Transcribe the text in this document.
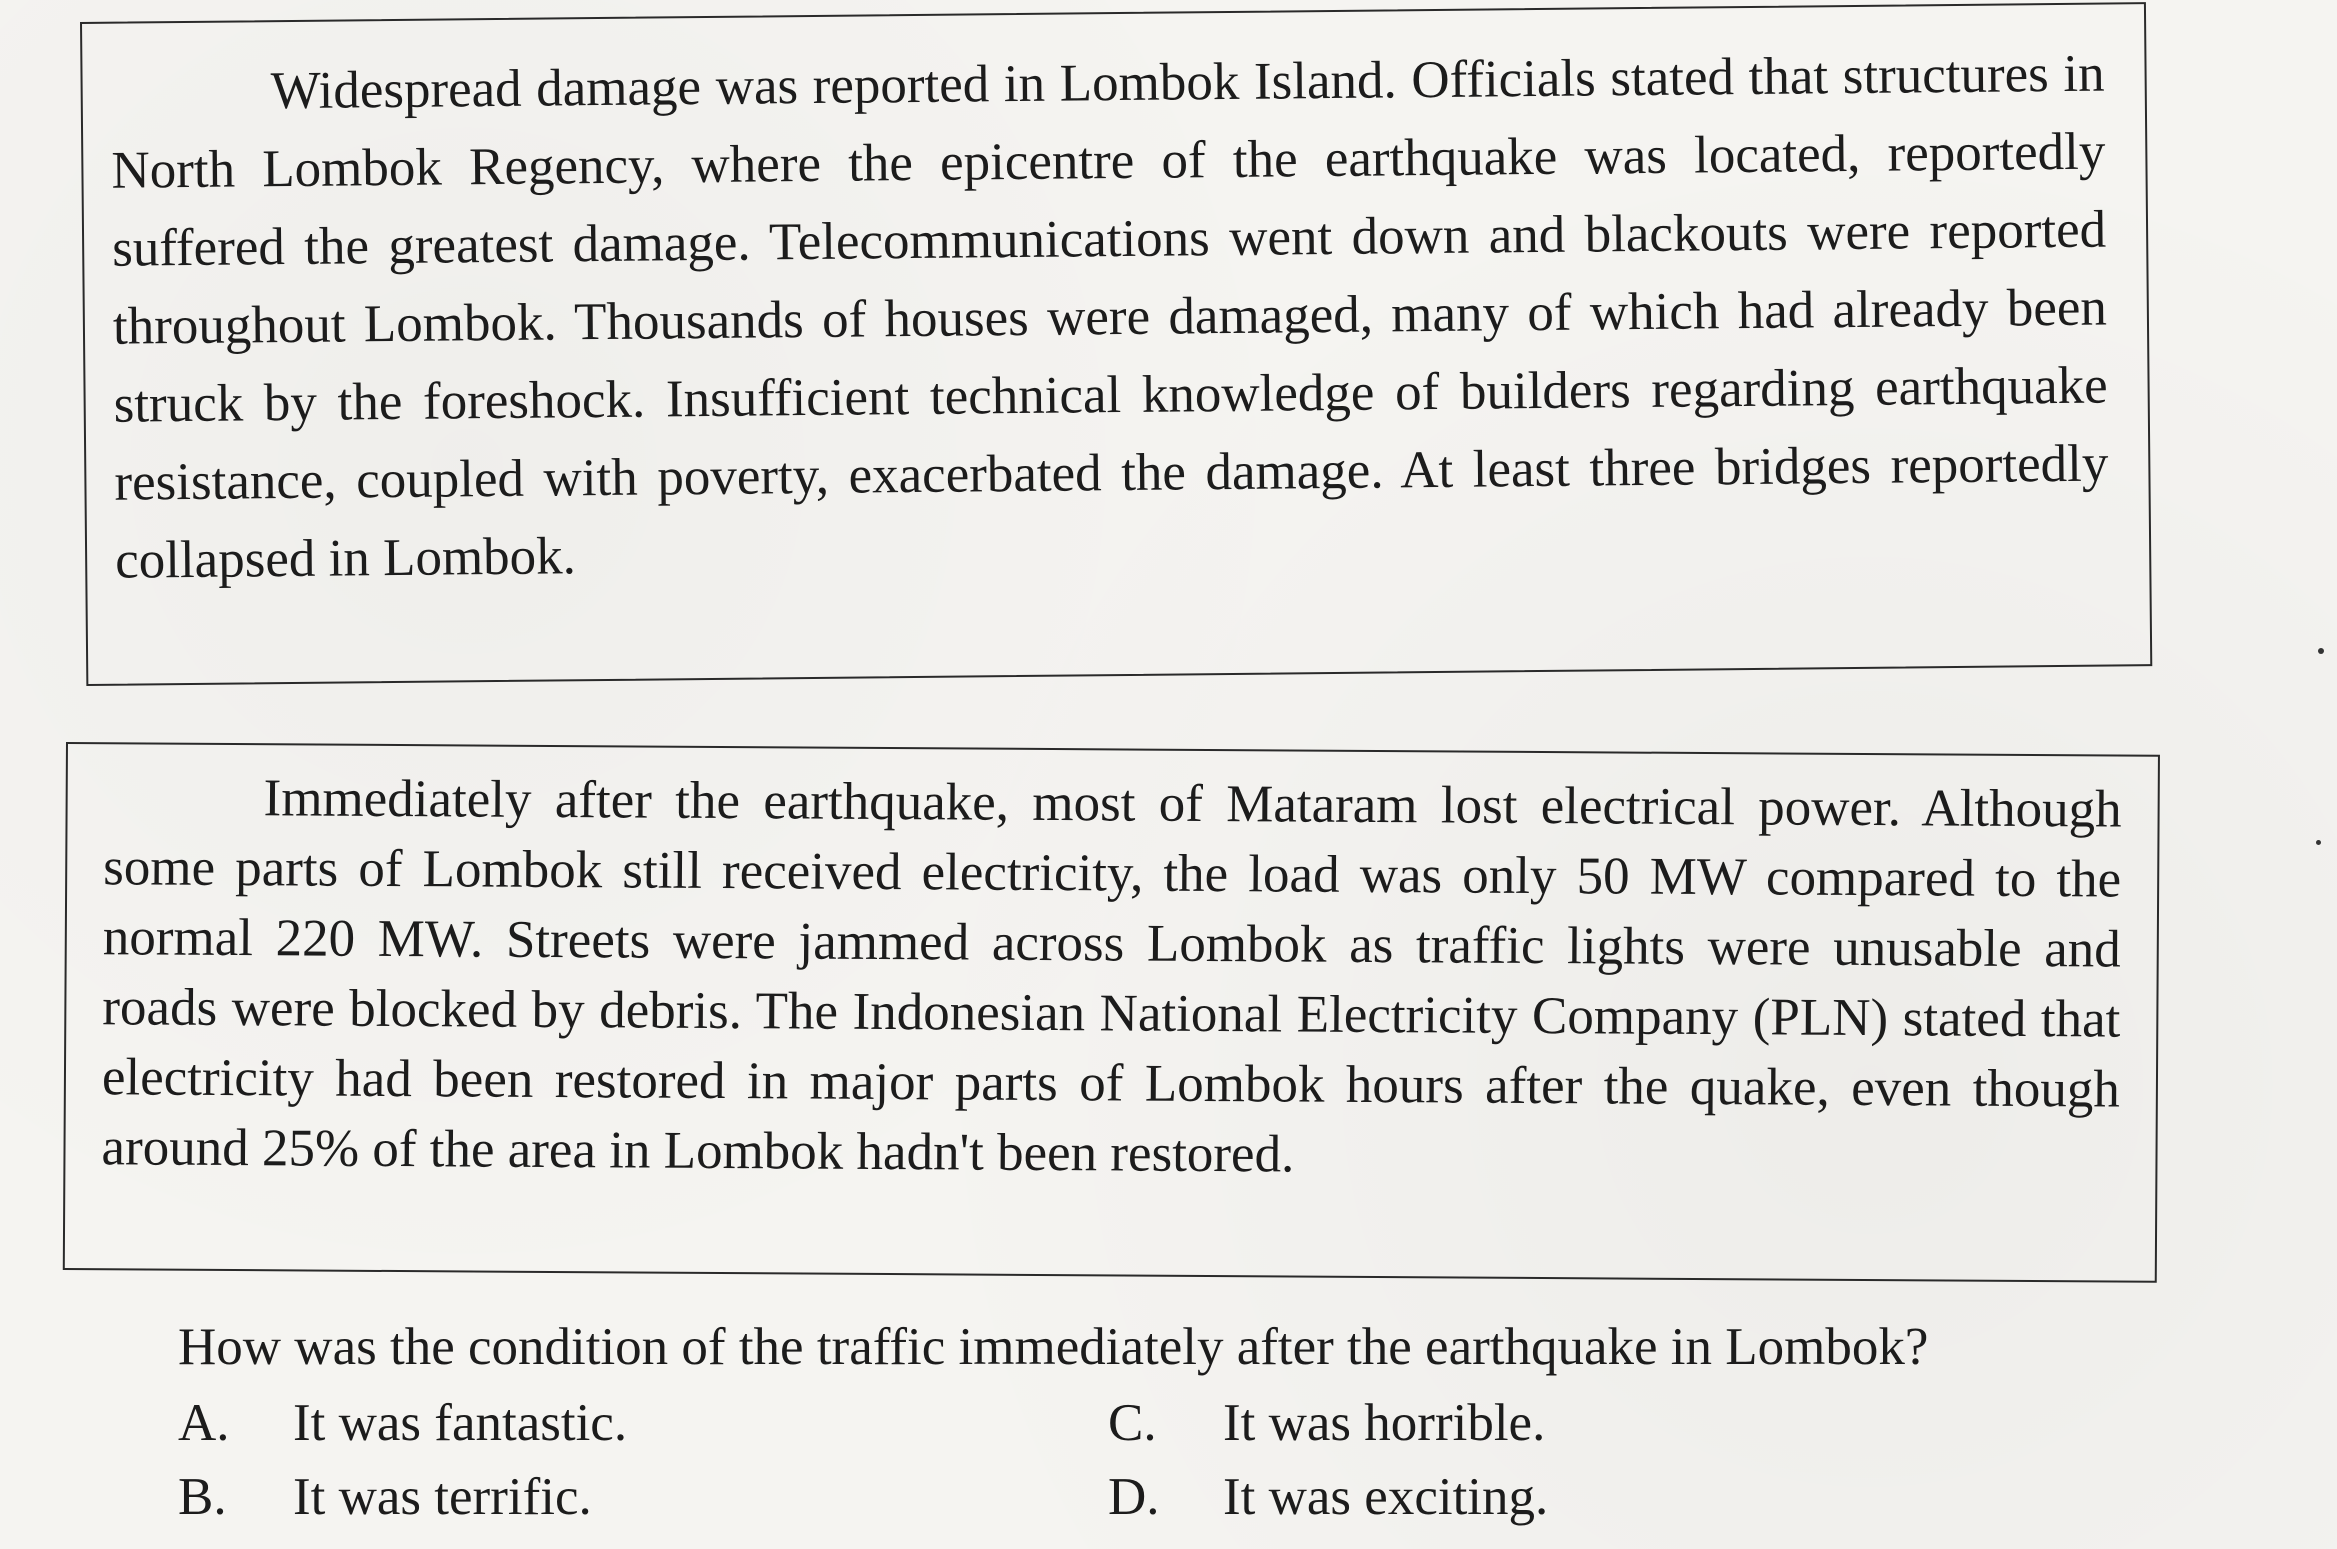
Widespread damage was reported in Lombok Island. Officials stated that structures in North Lombok Regency, where the epicentre of the earthquake was located, reportedly suffered the greatest damage. Telecommunications went down and blackouts were reported throughout Lombok. Thousands of houses were damaged, many of which had already been struck by the foreshock. Insufficient technical knowledge of builders regarding earthquake resistance, coupled with poverty, exacerbated the damage. At least three bridges reportedly collapsed in Lombok.

Immediately after the earthquake, most of Mataram lost electrical power. Although some parts of Lombok still received electricity, the load was only 50 MW compared to the normal 220 MW. Streets were jammed across Lombok as traffic lights were unusable and roads were blocked by debris. The Indonesian National Electricity Company (PLN) stated that electricity had been restored in major parts of Lombok hours after the quake, even though around 25% of the area in Lombok hadn't been restored.

How was the condition of the traffic immediately after the earthquake in Lombok?

A.	It was fantastic.	C.	It was horrible.
B.	It was terrific.	D.	It was exciting.
